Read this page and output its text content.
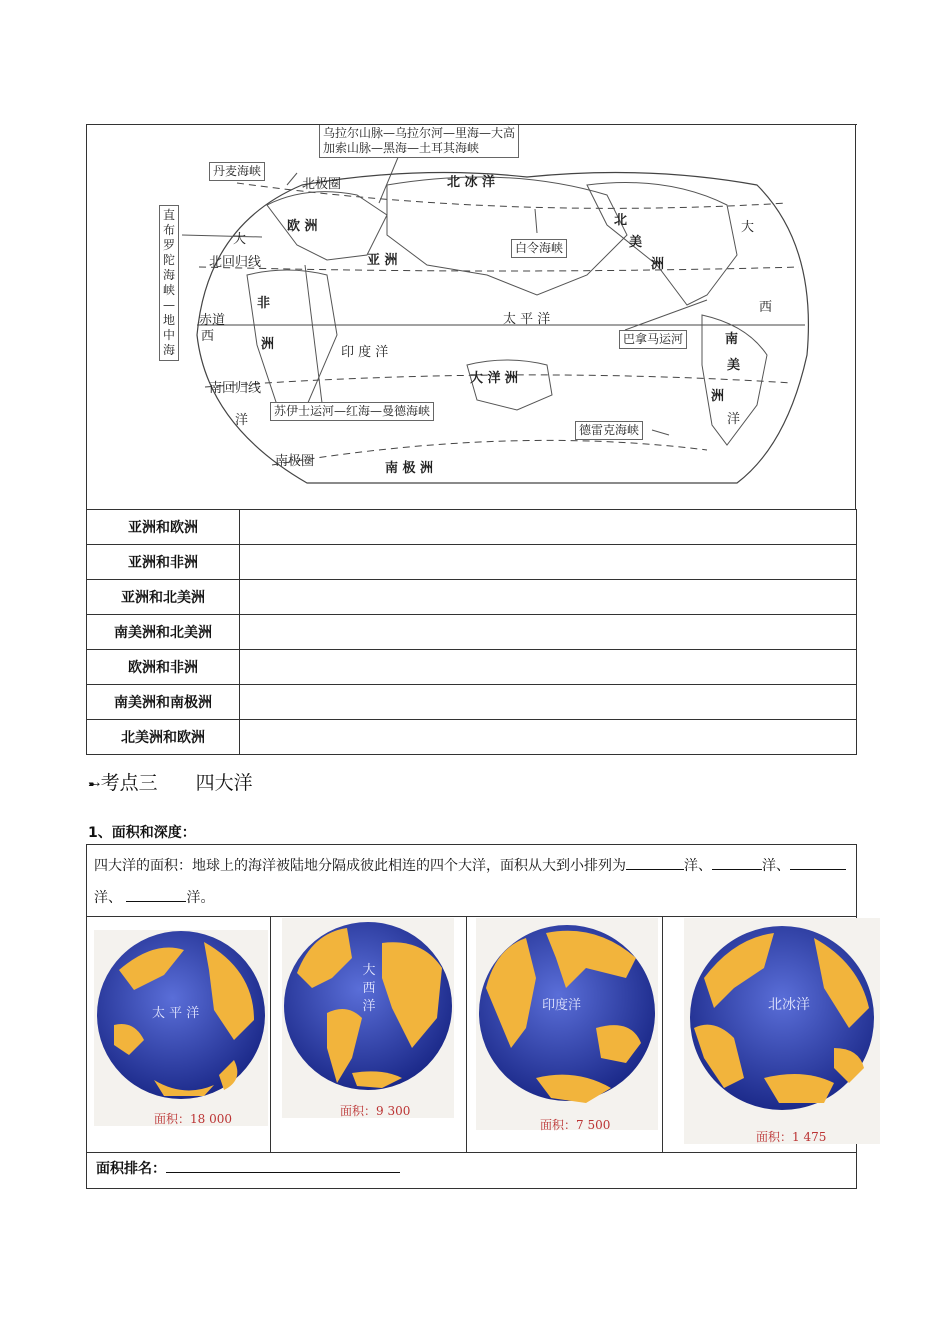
乌拉尔山脉—乌拉尔河—里海—大高
加索山脉—黑海—土耳其海峡
丹麦海峡
直布罗陀海峡—地中海
白令海峡
巴拿马运河
苏伊士运河—红海—曼德海峡
德雷克海峡
北极圈
北回归线
赤道
南回归线
南极圈
北 冰 洋
欧 洲
亚 洲
非
洲
北
美
洲
南
美
洲
太 平 洋
印 度 洋
大 洋 洲
南 极 洲
大
西
洋
大
西
洋
亚洲和欧洲	
亚洲和非洲	
亚洲和北美洲	
南美洲和北美洲	
欧洲和非洲	
南美洲和南极洲	
北美洲和欧洲	
➸考点三　　四大洋
1、面积和深度：
四大洋的面积：地球上的海洋被陆地分隔成彼此相连的四个大洋，面积从大到小排列为	洋、	洋、洋、	洋。
太 平 洋
面积：18 000
大西洋
面积：9 300
印度洋
面积：7 500
北冰洋
面积：1 475
面积排名：
